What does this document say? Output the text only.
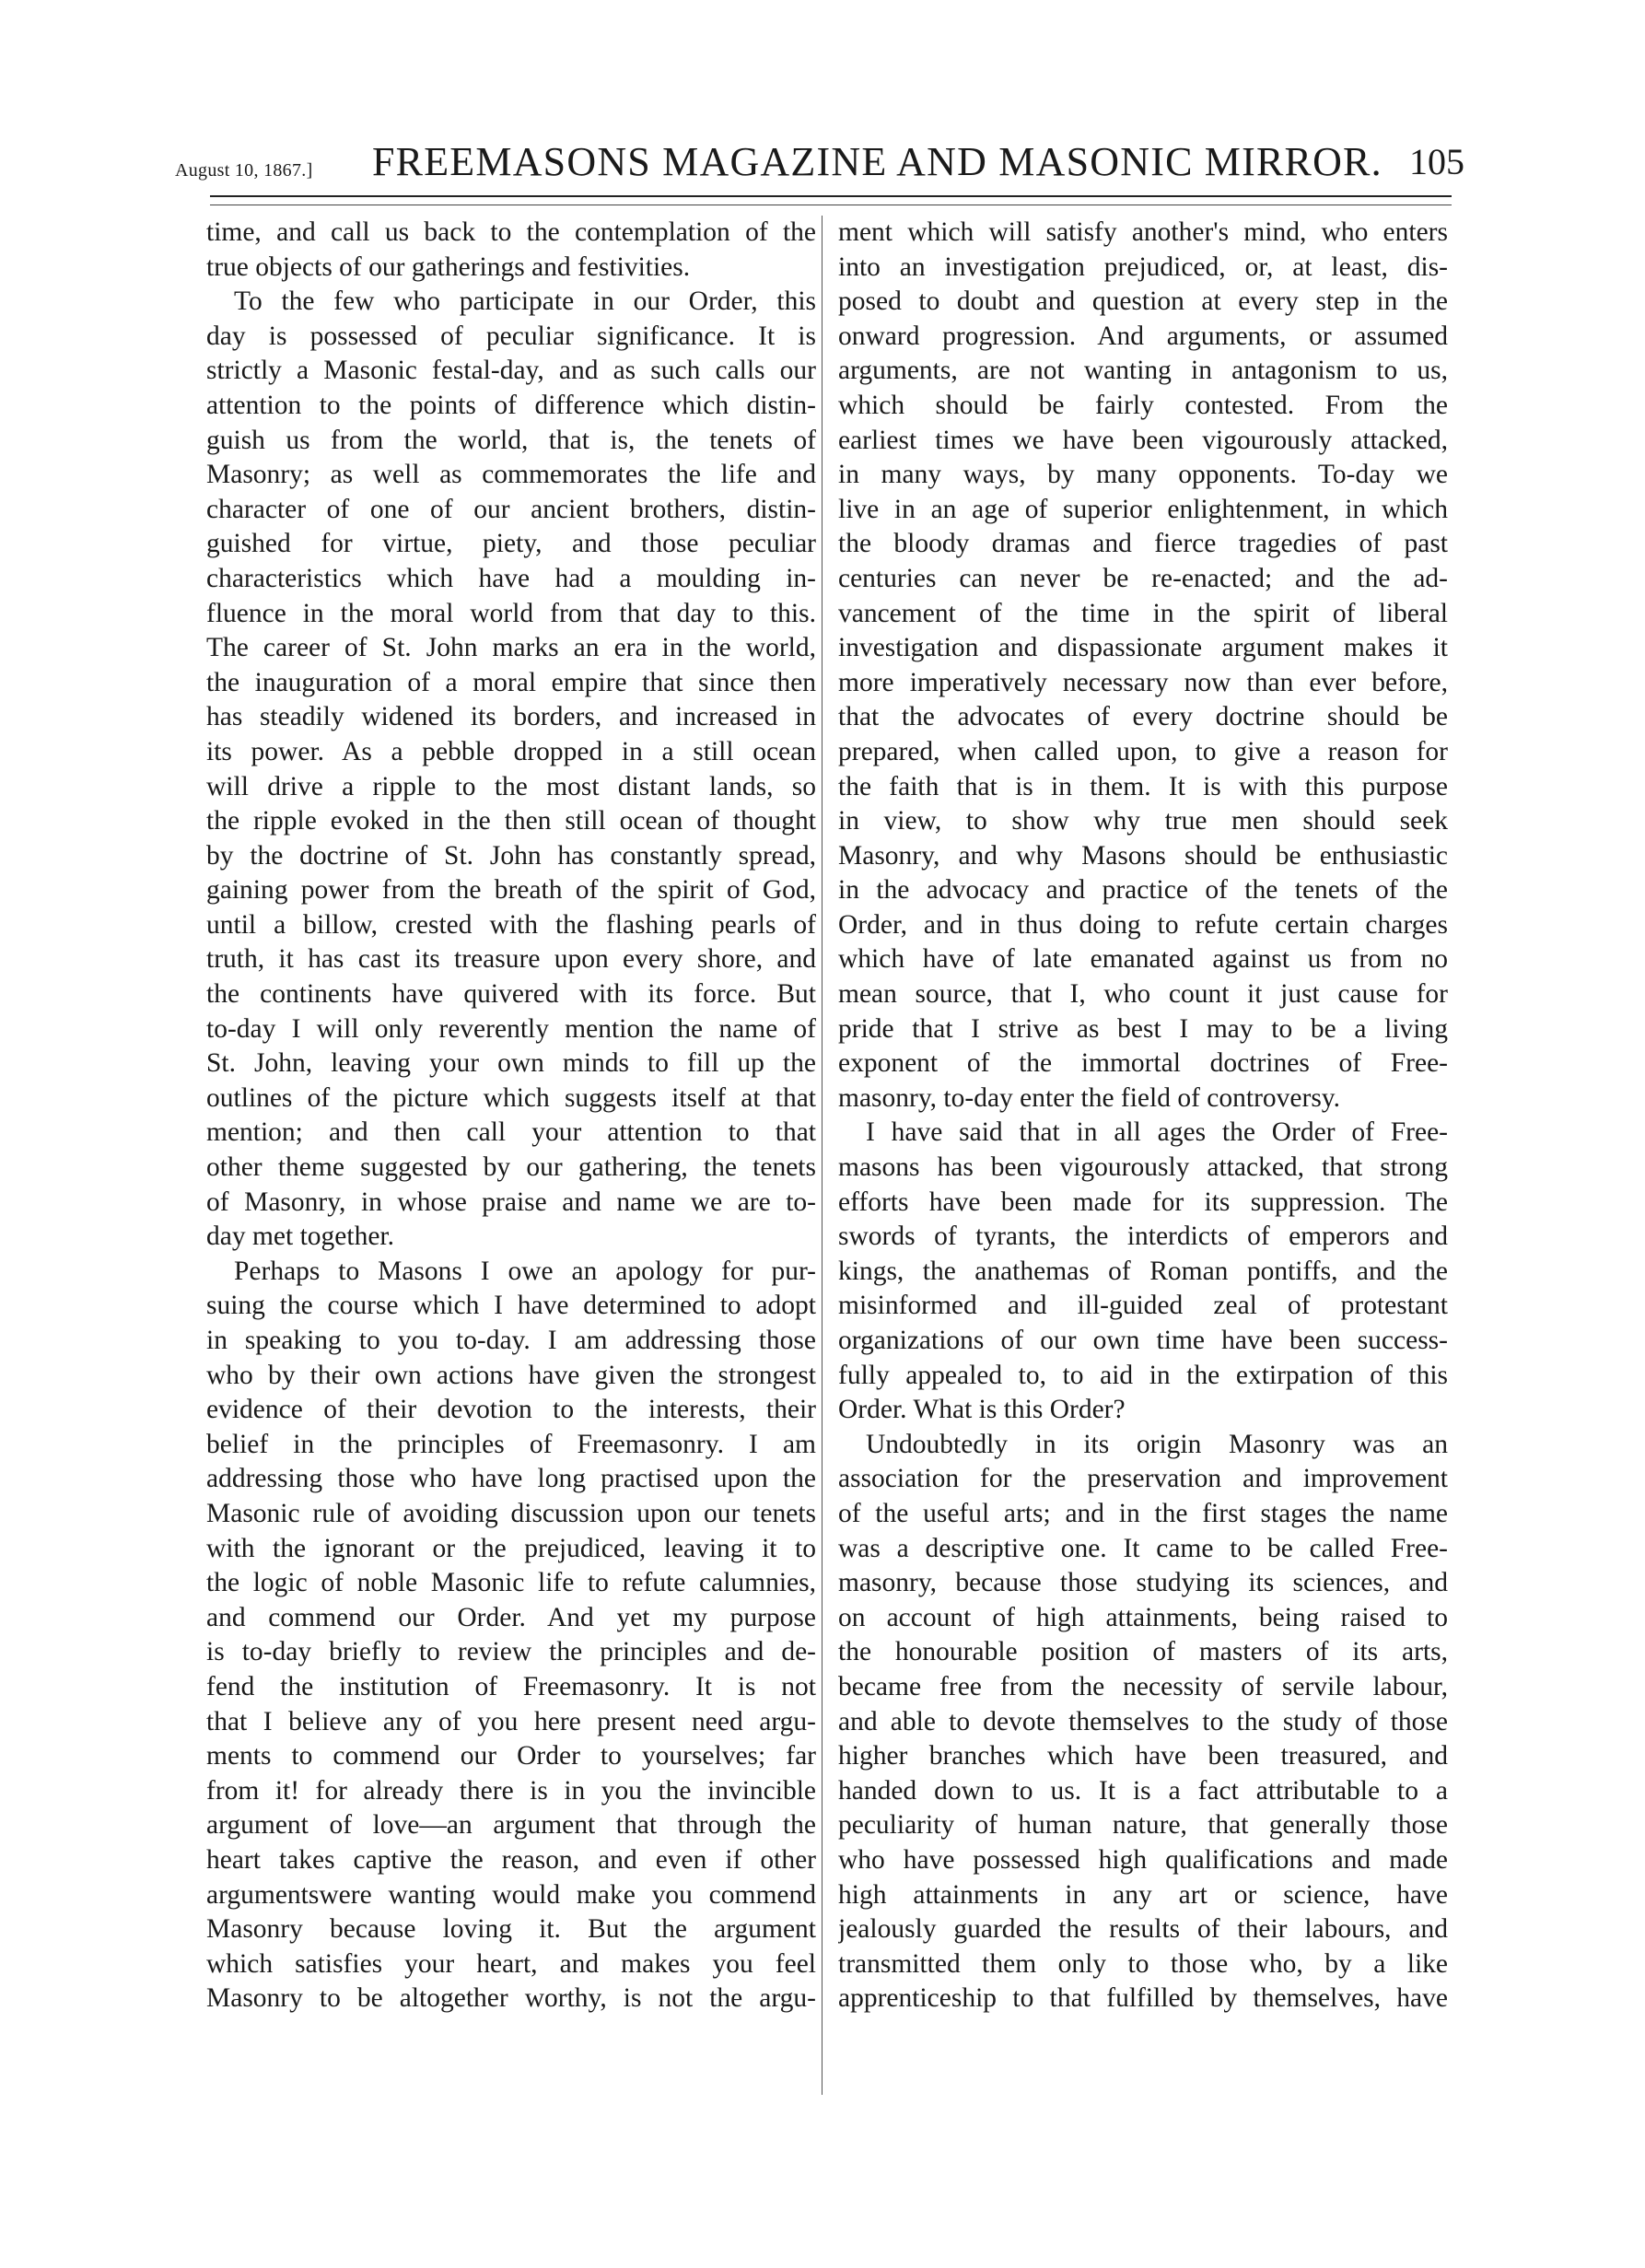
August 10, 1867.] FREEMASONS MAGAZINE AND MASONIC MIRROR. 105
time, and call us back to the contemplation of the
true objects of our gatherings and festivities.
To the few who participate in our Order, this
day is possessed of peculiar significance. It is
strictly a Masonic festal-day, and as such calls our
attention to the points of difference which distin-
guish us from the world, that is, the tenets of
Masonry; as well as commemorates the life and
character of one of our ancient brothers, distin-
guished for virtue, piety, and those peculiar
characteristics which have had a moulding in-
fluence in the moral world from that day to this.
The career of St. John marks an era in the world,
the inauguration of a moral empire that since then
has steadily widened its borders, and increased in
its power. As a pebble dropped in a still ocean
will drive a ripple to the most distant lands, so
the ripple evoked in the then still ocean of thought
by the doctrine of St. John has constantly spread,
gaining power from the breath of the spirit of God,
until a billow, crested with the flashing pearls of
truth, it has cast its treasure upon every shore, and
the continents have quivered with its force. But
to-day I will only reverently mention the name of
St. John, leaving your own minds to fill up the
outlines of the picture which suggests itself at that
mention; and then call your attention to that
other theme suggested by our gathering, the tenets
of Masonry, in whose praise and name we are to-
day met together.
Perhaps to Masons I owe an apology for pur-
suing the course which I have determined to adopt
in speaking to you to-day. I am addressing those
who by their own actions have given the strongest
evidence of their devotion to the interests, their
belief in the principles of Freemasonry. I am
addressing those who have long practised upon the
Masonic rule of avoiding discussion upon our tenets
with the ignorant or the prejudiced, leaving it to
the logic of noble Masonic life to refute calumnies,
and commend our Order. And yet my purpose
is to-day briefly to review the principles and de-
fend the institution of Freemasonry. It is not
that I believe any of you here present need argu-
ments to commend our Order to yourselves; far
from it! for already there is in you the invincible
argument of love—an argument that through the
heart takes captive the reason, and even if other
argumentswere wanting would make you commend
Masonry because loving it. But the argument
which satisfies your heart, and makes you feel
Masonry to be altogether worthy, is not the argu-
ment which will satisfy another's mind, who enters
into an investigation prejudiced, or, at least, dis-
posed to doubt and question at every step in the
onward progression. And arguments, or assumed
arguments, are not wanting in antagonism to us,
which should be fairly contested. From the
earliest times we have been vigourously attacked,
in many ways, by many opponents. To-day we
live in an age of superior enlightenment, in which
the bloody dramas and fierce tragedies of past
centuries can never be re-enacted; and the ad-
vancement of the time in the spirit of liberal
investigation and dispassionate argument makes it
more imperatively necessary now than ever before,
that the advocates of every doctrine should be
prepared, when called upon, to give a reason for
the faith that is in them. It is with this purpose
in view, to show why true men should seek
Masonry, and why Masons should be enthusiastic
in the advocacy and practice of the tenets of the
Order, and in thus doing to refute certain charges
which have of late emanated against us from no
mean source, that I, who count it just cause for
pride that I strive as best I may to be a living
exponent of the immortal doctrines of Free-
masonry, to-day enter the field of controversy.
I have said that in all ages the Order of Free-
masons has been vigourously attacked, that strong
efforts have been made for its suppression. The
swords of tyrants, the interdicts of emperors and
kings, the anathemas of Roman pontiffs, and the
misinformed and ill-guided zeal of protestant
organizations of our own time have been success-
fully appealed to, to aid in the extirpation of this
Order. What is this Order?
Undoubtedly in its origin Masonry was an
association for the preservation and improvement
of the useful arts; and in the first stages the name
was a descriptive one. It came to be called Free-
masonry, because those studying its sciences, and
on account of high attainments, being raised to
the honourable position of masters of its arts,
became free from the necessity of servile labour,
and able to devote themselves to the study of those
higher branches which have been treasured, and
handed down to us. It is a fact attributable to a
peculiarity of human nature, that generally those
who have possessed high qualifications and made
high attainments in any art or science, have
jealously guarded the results of their labours, and
transmitted them only to those who, by a like
apprenticeship to that fulfilled by themselves, have
